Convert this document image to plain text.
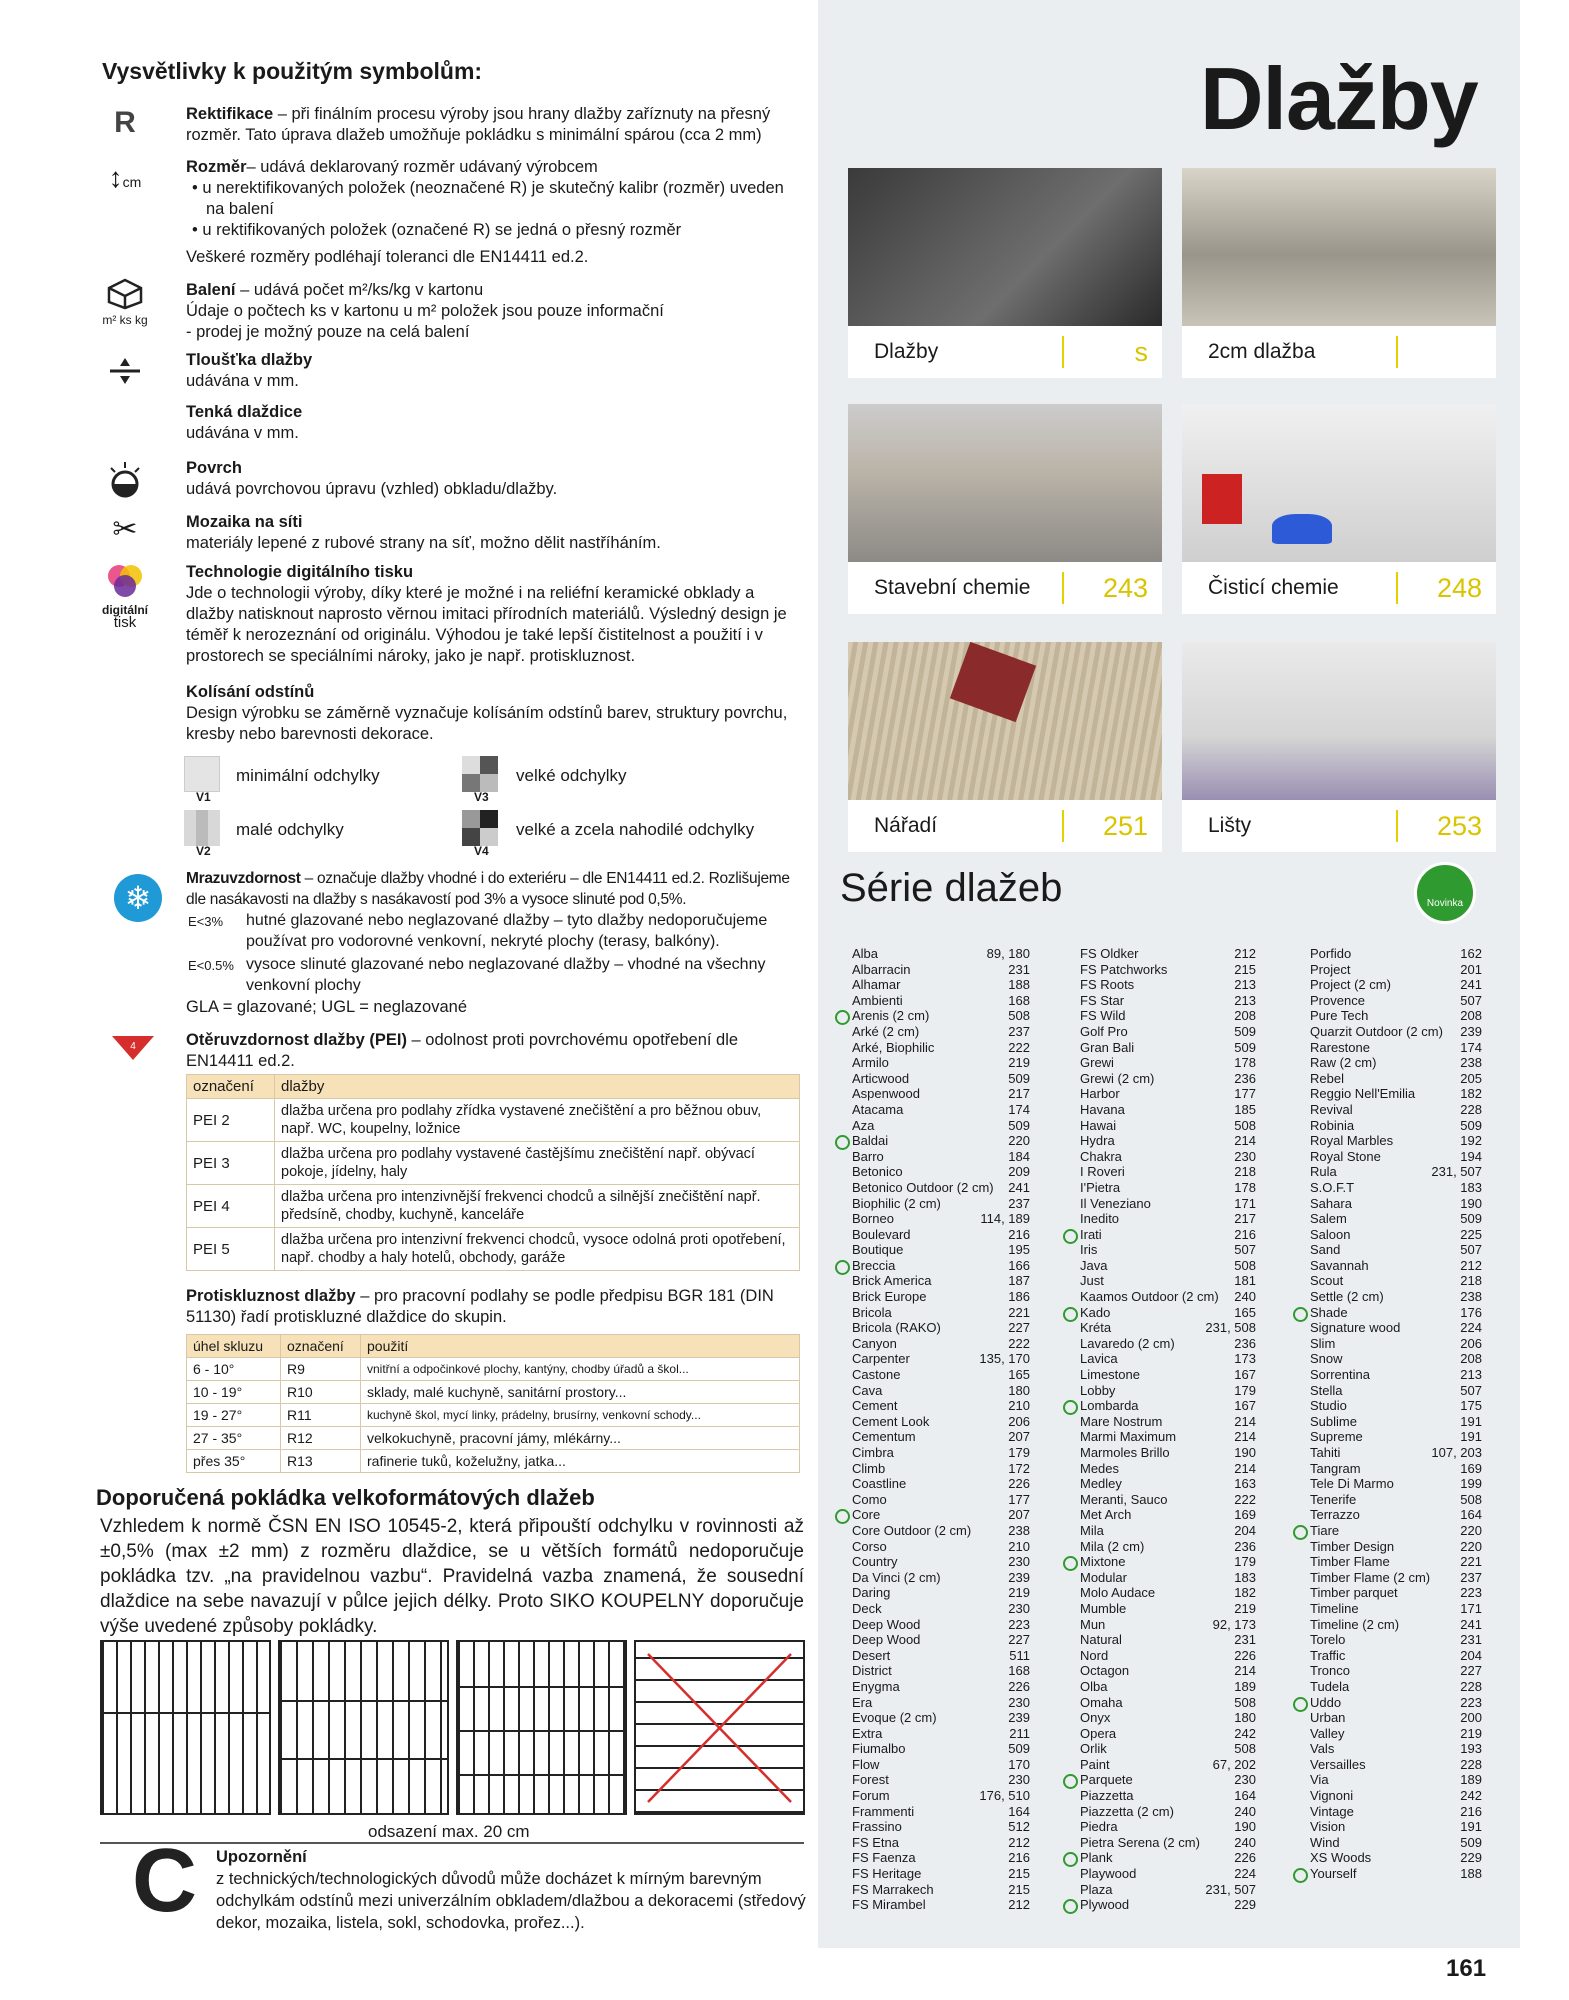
Vysvětlivky k použitým symbolům:
R	Rektifikace – při finálním procesu výroby jsou hrany dlažby zaříznuty na přesný rozměr. Tato úprava dlažeb umožňuje pokládku s minimální spárou (cca 2 mm)
↕cm
Rozměr– udává deklarovaný rozměr udávaný výrobcem
• u nerektifikovaných položek (neoznačené R) je skutečný kalibr (rozměr) uveden na balení
• u rektifikovaných položek (označené R) se jedná o přesný rozměr
Veškeré rozměry podléhají toleranci dle EN14411 ed.2.
m² ks kg
Balení – udává počet m²/ks/kg v kartonu
Údaje o počtech ks v kartonu u m² položek jsou pouze informační
- prodej je možný pouze na celá balení
Tloušťka dlažby
udávána v mm.
Tenká dlaždice
udávána v mm.
Povrch
udává povrchovou úpravu (vzhled) obkladu/dlažby.
✂	Mozaika na síti
materiály lepené z rubové strany na síť, možno dělit nastříháním.
digitální
tisk
Technologie digitálního tisku
Jde o technologii výroby, díky které je možné i na reliéfní keramické obklady a dlažby natisknout naprosto věrnou imitaci přírodních materiálů. Výsledný design je téměř k nerozeznání od originálu. Výhodou je také lepší čistitelnost a použití i v prostorech se speciálními nároky, jako je např. protiskluznost.
Kolísání odstínů
Design výrobku se záměrně vyznačuje kolísáním odstínů barev, struktury povrchu, kresby nebo barevnosti dekorace.
V1
minimální odchylky
V2
malé odchylky
V3
velké odchylky
V4
velké a zcela nahodilé odchylky
❄
Mrazuvzdornost – označuje dlažby vhodné i do exteriéru – dle EN14411 ed.2. Rozlišujeme dle nasákavosti na dlažby s nasákavostí pod 3% a vysoce slinuté pod 0,5%.
E<3% hutné glazované nebo neglazované dlažby – tyto dlažby nedoporučujeme používat pro vodorovné venkovní, nekryté plochy (terasy, balkóny).
E<0.5% vysoce slinuté glazované nebo neglazované dlažby – vhodné na všechny venkovní plochy
GLA = glazované; UGL = neglazované
4	Otěruvzdornost dlažby (PEI) – odolnost proti povrchovému opotřebení dle EN14411 ed.2.
označení	dlažby
PEI 2	dlažba určena pro podlahy zřídka vystavené znečištění a pro běžnou obuv, např. WC, koupelny, ložnice
PEI 3	dlažba určena pro podlahy vystavené častějšímu znečištění např. obývací pokoje, jídelny, haly
PEI 4	dlažba určena pro intenzivnější frekvenci chodců a silnější znečištění např. předsíně, chodby, kuchyně, kanceláře
PEI 5	dlažba určena pro intenzivní frekvenci chodců, vysoce odolná proti opotřebení, např. chodby a haly hotelů, obchody, garáže
Protiskluznost dlažby – pro pracovní podlahy se podle předpisu BGR 181 (DIN 51130) řadí protiskluzné dlaždice do skupin.
úhel skluzu	označení	použití
6 - 10°	R9	vnitřní a odpočinkové plochy, kantýny, chodby úřadů a škol...
10 - 19°	R10	sklady, malé kuchyně, sanitární prostory...
19 - 27°	R11	kuchyně škol, mycí linky, prádelny, brusírny, venkovní schody...
27 - 35°	R12	velkokuchyně, pracovní jámy, mlékárny...
přes 35°	R13	rafinerie tuků, koželužny, jatka...
Doporučená pokládka velkoformátových dlažeb
Vzhledem k normě ČSN EN ISO 10545-2, která připouští odchylku v rovinnosti až ±0,5% (max ±2 mm) z rozměru dlaždice, se u větších formátů nedoporučuje pokládka tzv. „na pravidelnou vazbu“. Pravidelná vazba znamená, že sousední dlaždice na sebe navazují v půlce jejich délky. Proto SIKO KOUPELNY doporučuje výše uvedené způsoby pokládky.
odsazení max. 20 cm
C Upozornění
z technických/technologických důvodů může docházet k mírným barevným odchylkám odstínů mezi univerzálním obkladem/dlažbou a dekoracemi (středový dekor, mozaika, listela, sokl, schodovka, prořez...).
Dlažby
Dlažby	s	2cm dlažba
Stavební chemie	243	Čisticí chemie	248
Nářadí	251	Lišty	253
Série dlažeb	Novinka
Alba	89, 180
Albarracin	231
Alhamar	188
Ambienti	168
Arenis (2 cm)	508
Arké (2 cm)	237
Arké, Biophilic	222
Armilo	219
Articwood	509
Aspenwood	217
Atacama	174
Aza	509
Baldai	220
Barro	184
Betonico	209
Betonico Outdoor (2 cm) 241
Biophilic (2 cm)	237
Borneo	114, 189
Boulevard	216
Boutique	195
Breccia	166
Brick America	187
Brick Europe	186
Bricola	221
Bricola (RAKO)	227
Canyon	222
Carpenter	135, 170
Castone	165
Cava	180
Cement	210
Cement Look	206
Cementum	207
Cimbra	179
Climb	172
Coastline	226
Como	177
Core	207
Core Outdoor (2 cm)	238
Corso	210
Country	230
Da Vinci (2 cm)	239
Daring	219
Deck	230
Deep Wood	223
Deep Wood	227
Desert	511
District	168
Enygma	226
Era	230
Evoque (2 cm)	239
Extra	211
Fiumalbo	509
Flow	170
Forest	230
Forum	176, 510
Frammenti	164
Frassino	512
FS Etna	212
FS Faenza	216
FS Heritage	215
FS Marrakech	215
FS Mirambel	212
FS Oldker	212
FS Patchworks	215
FS Roots	213
FS Star	213
FS Wild	208
Golf Pro	509
Gran Bali	509
Grewi	178
Grewi (2 cm)	236
Harbor	177
Havana	185
Hawai	508
Hydra	214
Chakra	230
I Roveri	218
I'Pietra	178
Il Veneziano	171
Inedito	217
Irati	216
Iris	507
Java	508
Just	181
Kaamos Outdoor (2 cm) 240
Kado	165
Kréta	231, 508
Lavaredo (2 cm)	236
Lavica	173
Limestone	167
Lobby	179
Lombarda	167
Mare Nostrum	214
Marmi Maximum	214
Marmoles Brillo	190
Medes	214
Medley	163
Meranti, Sauco	222
Met Arch	169
Mila	204
Mila (2 cm)	236
Mixtone	179
Modular	183
Molo Audace	182
Mumble	219
Mun	92, 173
Natural	231
Nord	226
Octagon	214
Olba	189
Omaha	508
Onyx	180
Opera	242
Orlik	508
Paint	67, 202
Parquete	230
Piazzetta	164
Piazzetta (2 cm)	240
Piedra	190
Pietra Serena (2 cm)	240
Plank	226
Playwood	224
Plaza	231, 507
Plywood	229
Porfido	162
Project	201
Project (2 cm)	241
Provence	507
Pure Tech	208
Quarzit Outdoor (2 cm) 239
Rarestone	174
Raw (2 cm)	238
Rebel	205
Reggio Nell'Emilia	182
Revival	228
Robinia	509
Royal Marbles	192
Royal Stone	194
Rula	231, 507
S.O.F.T	183
Sahara	190
Salem	509
Saloon	225
Sand	507
Savannah	212
Scout	218
Settle (2 cm)	238
Shade	176
Signature wood	224
Slim	206
Snow	208
Sorrentina	213
Stella	507
Studio	175
Sublime	191
Supreme	191
Tahiti	107, 203
Tangram	169
Tele Di Marmo	199
Tenerife	508
Terrazzo	164
Tiare	220
Timber Design	220
Timber Flame	221
Timber Flame (2 cm) 237
Timber parquet	223
Timeline	171
Timeline (2 cm)	241
Torelo	231
Traffic	204
Tronco	227
Tudela	228
Uddo	223
Urban	200
Valley	219
Vals	193
Versailles	228
Via	189
Vignoni	242
Vintage	216
Vision	191
Wind	509
XS Woods	229
Yourself	188
161
